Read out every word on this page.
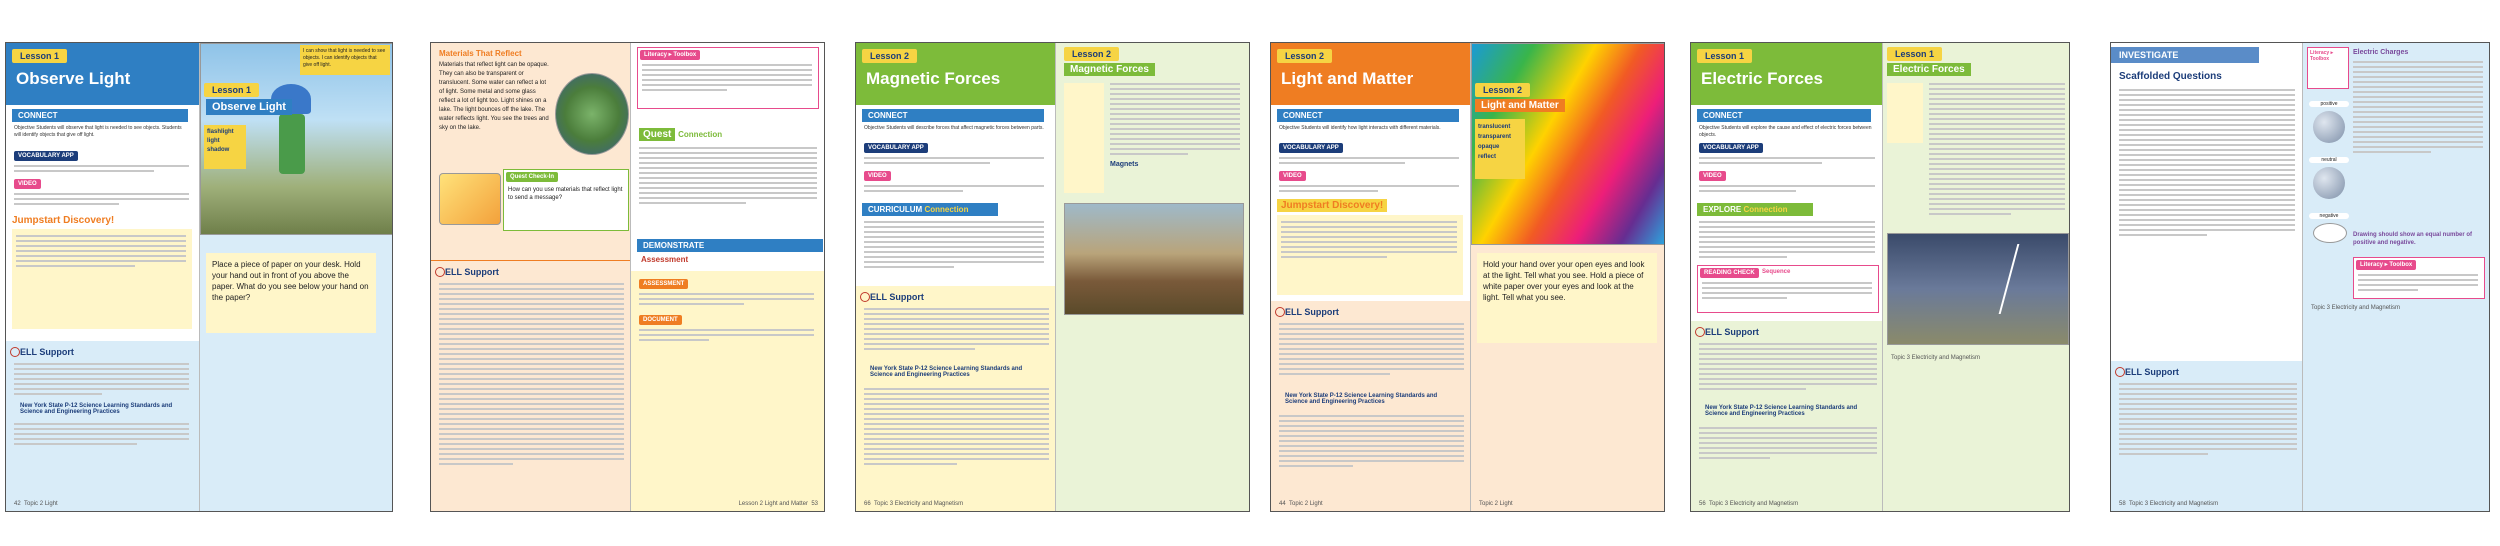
Lesson 1
Observe Light
CONNECT
Objective Students will observe that light is needed to see objects. Students will identify objects that give off light.
VOCABULARY APP
VIDEO
Jumpstart Discovery!
ELL Support
New York State P-12 Science Learning Standards and Science and Engineering Practices
42 Topic 2 Light
Lesson 1
Observe Light
flashlight
light
shadow
I can show that light is needed to see objects. I can identify objects that give off light.
Place a piece of paper on your desk. Hold your hand out in front of you above the paper. What do you see below your hand on the paper?
Materials That Reflect
Materials that reflect light can be opaque. They can also be transparent or translucent. Some water can reflect a lot of light. Some metal and some glass reflect a lot of light too. Light shines on a lake. The light bounces off the lake. The water reflects light. You see the trees and sky on the lake.
Quest Check-In
How can you use materials that reflect light to send a message?
ELL Support
Literacy ▸ Toolbox
Quest Connection
DEMONSTRATE
Assessment
ASSESSMENT
DOCUMENT
Lesson 2 Light and Matter 53
Lesson 2
Magnetic Forces
CONNECT
Objective Students will describe forces that affect magnetic forces between parts.
VOCABULARY APP
VIDEO
CURRICULUM Connection
ELL Support
New York State P-12 Science Learning Standards and Science and Engineering Practices
66 Topic 3 Electricity and Magnetism
Lesson 2
Magnetic Forces
Magnets
Lesson 2
Light and Matter
CONNECT
Objective Students will identify how light interacts with different materials.
VOCABULARY APP
VIDEO
Jumpstart Discovery!
ELL Support
New York State P-12 Science Learning Standards and Science and Engineering Practices
44 Topic 2 Light
Lesson 2
Light and Matter
translucent
transparent
opaque
reflect
Hold your hand over your open eyes and look at the light. Tell what you see. Hold a piece of white paper over your eyes and look at the light. Tell what you see.
Topic 2 Light
Lesson 1
Electric Forces
CONNECT
Objective Students will explore the cause and effect of electric forces between objects.
VOCABULARY APP
VIDEO
EXPLORE Connection
READING CHECK	Sequence
ELL Support
New York State P-12 Science Learning Standards and Science and Engineering Practices
56 Topic 3 Electricity and Magnetism
Lesson 1
Electric Forces
Topic 3 Electricity and Magnetism
INVESTIGATE
Scaffolded Questions
ELL Support
58 Topic 3 Electricity and Magnetism
Literacy ▸ Toolbox
Electric Charges
positive
neutral
negative
Drawing should show an equal number of positive and negative.
Literacy ▸ Toolbox
Topic 3 Electricity and Magnetism
